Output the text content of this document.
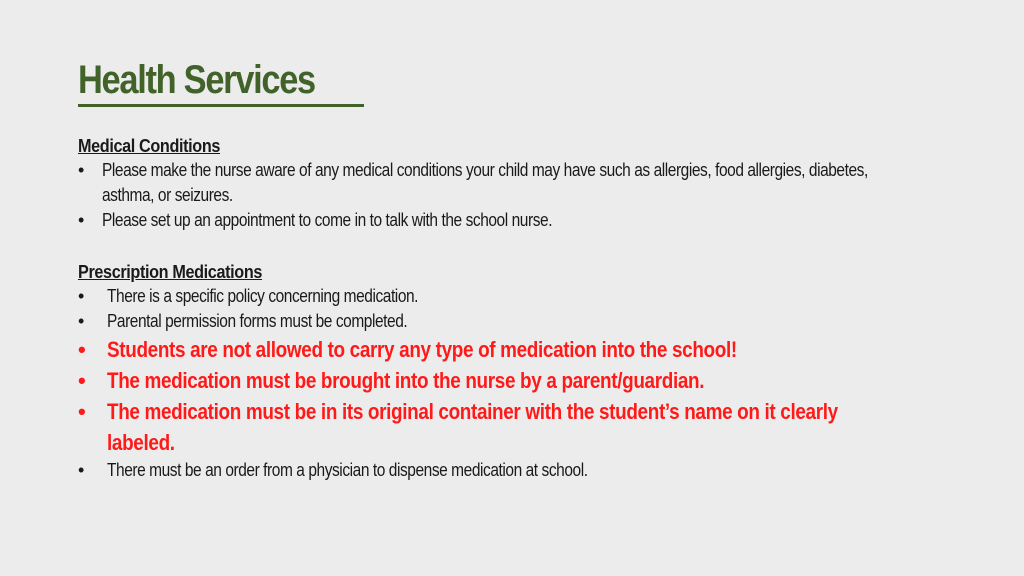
Health Services
Medical Conditions
• Please make the nurse aware of any medical conditions your child may have such as allergies, food allergies, diabetes, asthma, or seizures.
• Please set up an appointment to come in to talk with the school nurse.
Prescription Medications
• There is a specific policy concerning medication.
• Parental permission forms must be completed.
• Students are not allowed to carry any type of medication into the school!
• The medication must be brought into the nurse by a parent/guardian.
• The medication must be in its original container with the student’s name on it clearly labeled.
• There must be an order from a physician to dispense medication at school.
